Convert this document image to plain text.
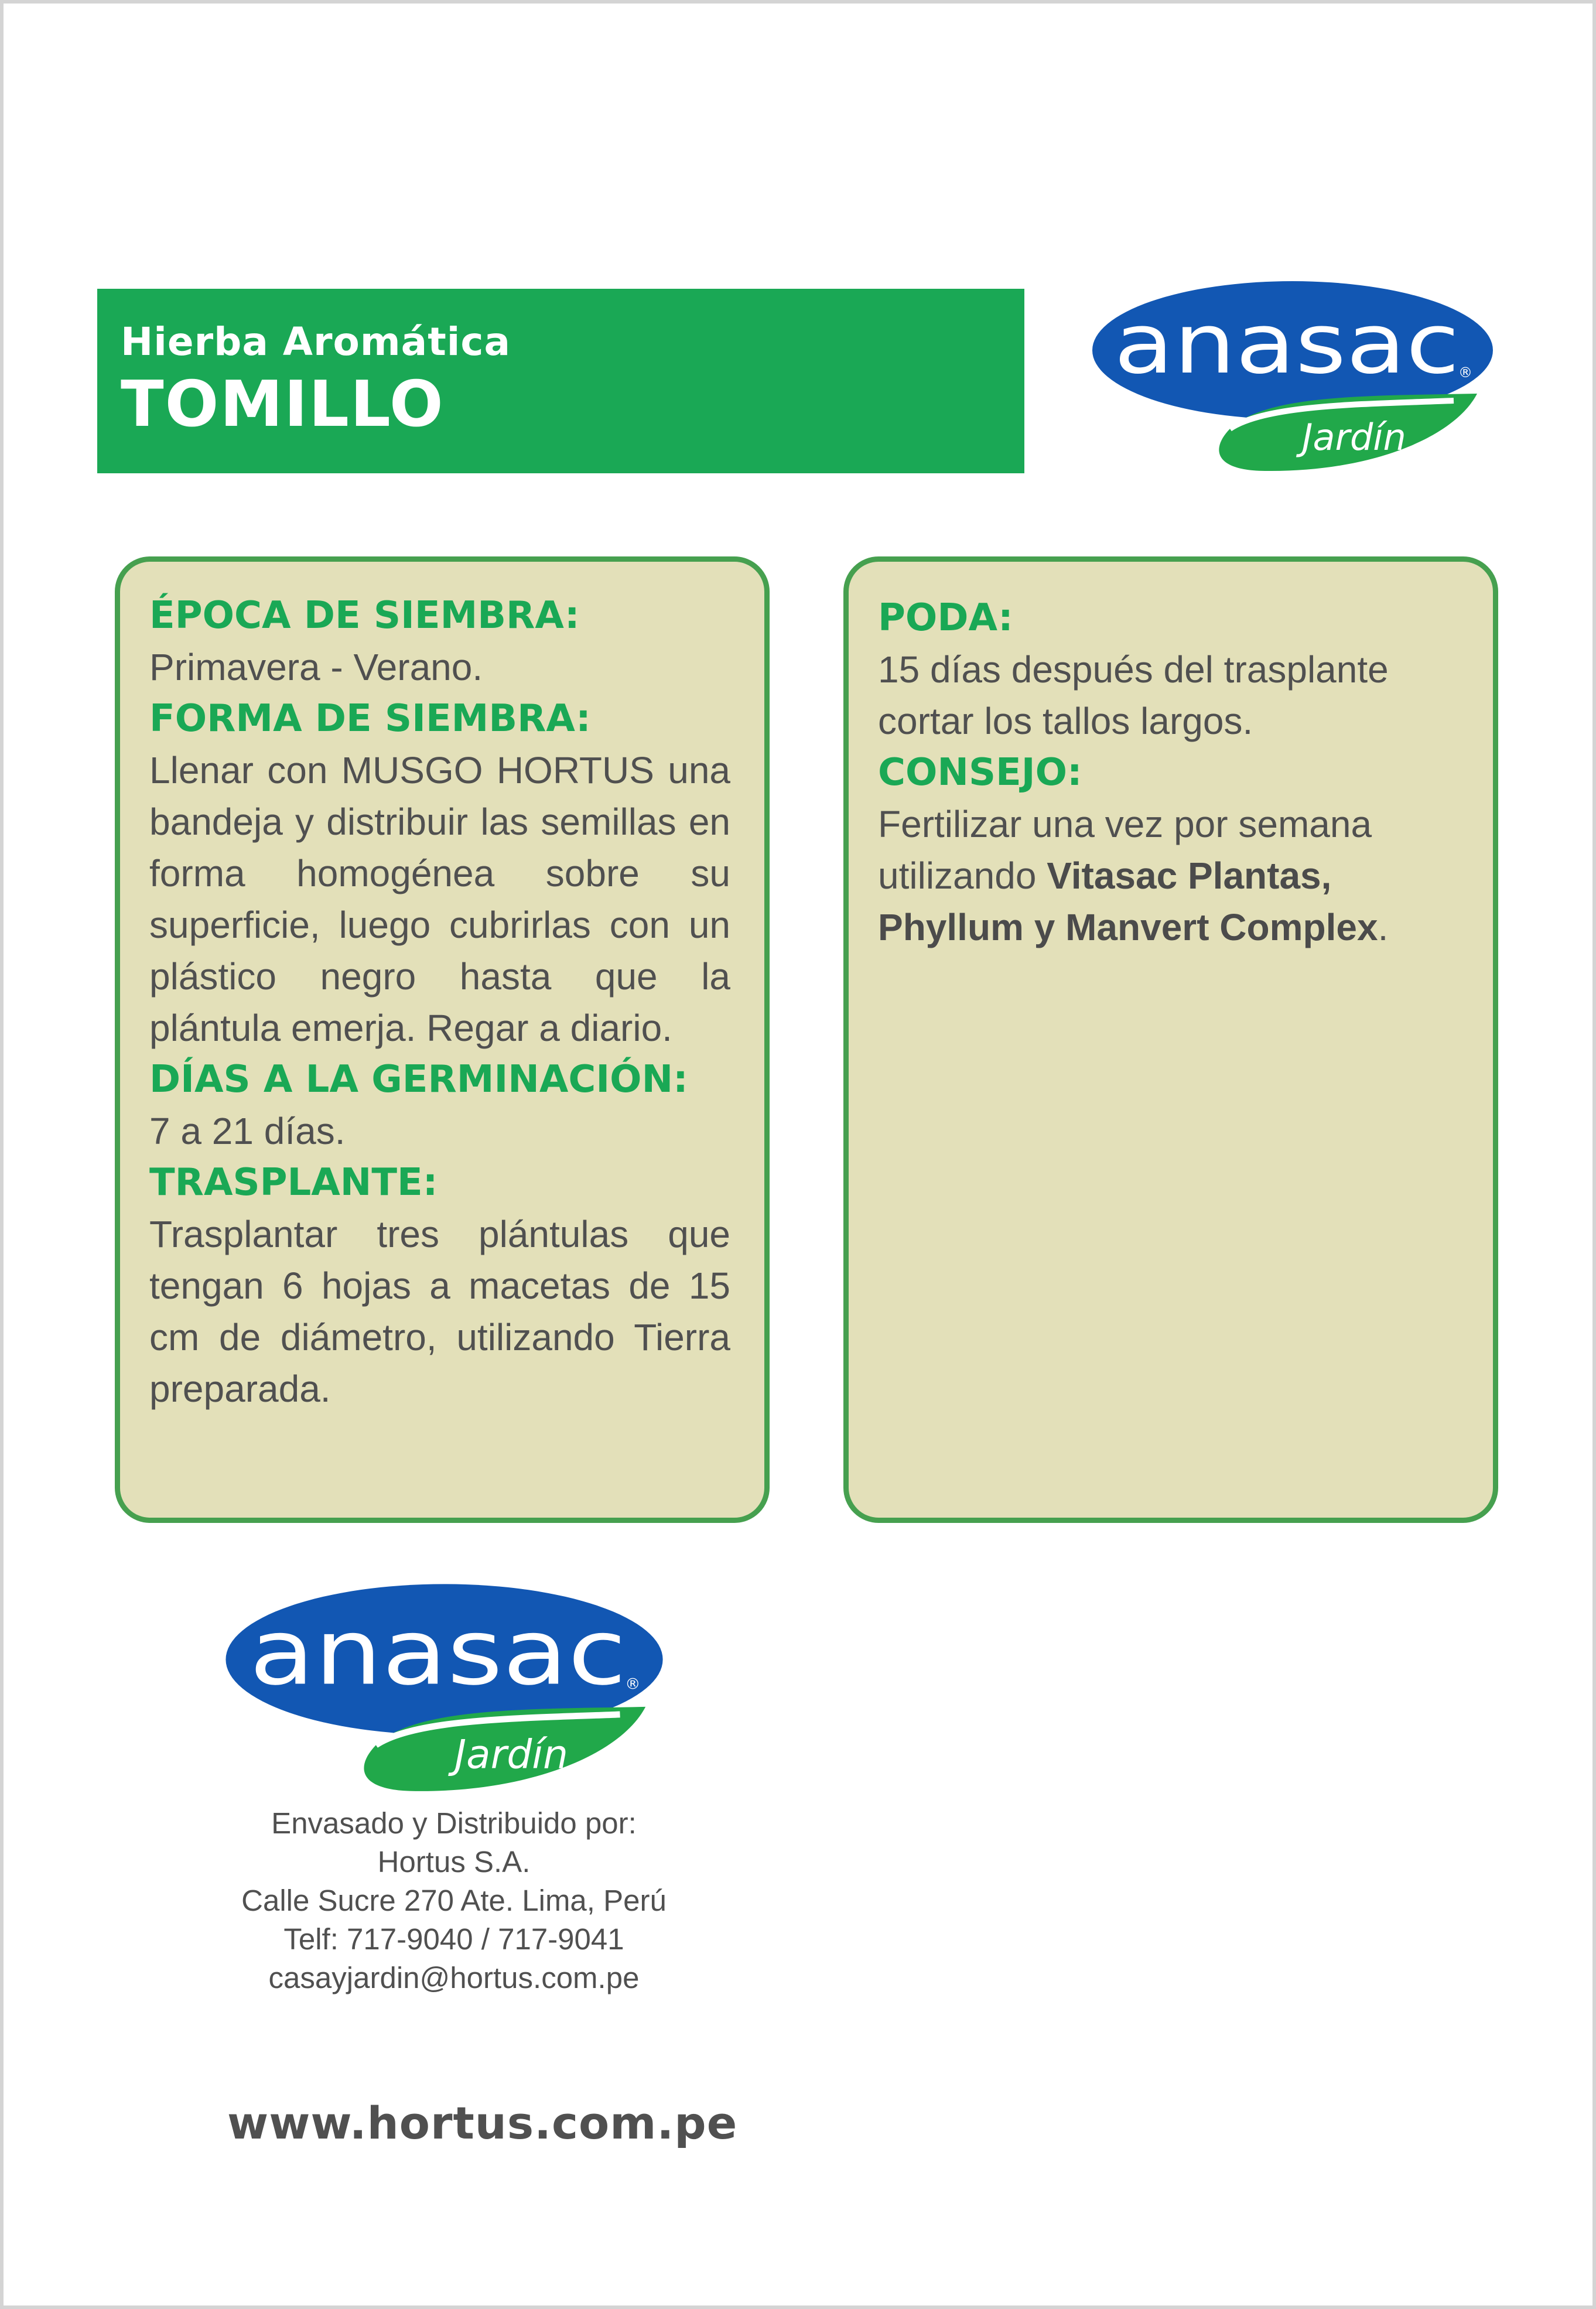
Hierba Aromática
TOMILLO
anasac
®
Jardín
ÉPOCA DE SIEMBRA:
Primavera - Verano.
FORMA DE SIEMBRA:
Llenar con MUSGO HORTUS una bandeja y distribuir las semillas en forma homogénea sobre su superficie, luego cubrirlas con un plástico negro hasta que la plántula emerja. Regar a diario.
DÍAS A LA GERMINACIÓN:
7 a 21 días.
TRASPLANTE:
Trasplantar tres plántulas que tengan 6 hojas a macetas de 15 cm de diámetro, utilizando Tierra preparada.
PODA:
15 días después del trasplante cortar los tallos largos.
CONSEJO:
Fertilizar una vez por semana utilizando Vitasac Plantas, Phyllum y Manvert Complex.
anasac
®
Jardín
Envasado y Distribuido por:
Hortus S.A.
Calle Sucre 270 Ate. Lima, Perú
Telf: 717-9040 / 717-9041
casayjardin@hortus.com.pe
www.hortus.com.pe
